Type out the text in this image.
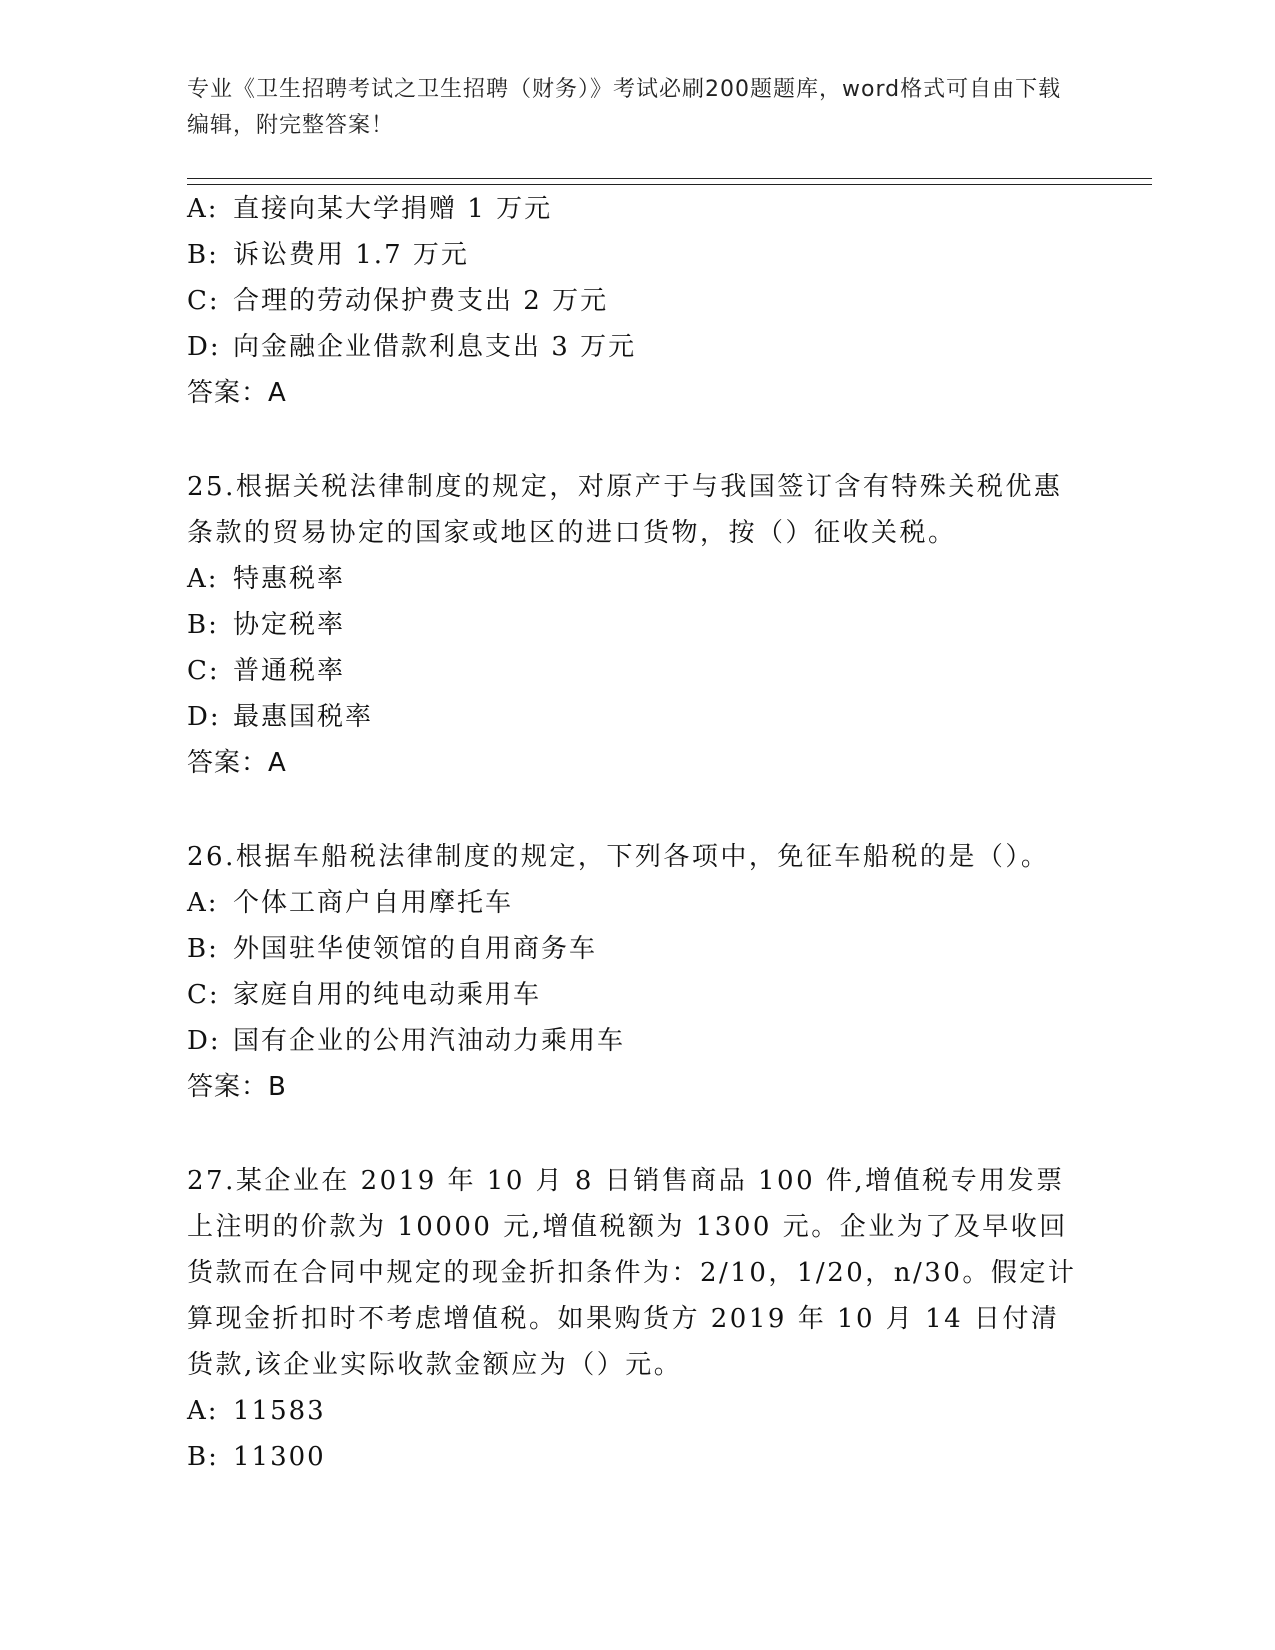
专业《卫生招聘考试之卫生招聘（财务）》考试必刷200题题库，word格式可自由下载编辑，附完整答案！
A: 直接向某大学捐赠 1 万元
B: 诉讼费用 1.7 万元
C: 合理的劳动保护费支出 2 万元
D: 向金融企业借款利息支出 3 万元
答案：A
25.根据关税法律制度的规定，对原产于与我国签订含有特殊关税优惠条款的贸易协定的国家或地区的进口货物，按（）征收关税。
A: 特惠税率
B: 协定税率
C: 普通税率
D: 最惠国税率
答案：A
26.根据车船税法律制度的规定，下列各项中，免征车船税的是（）。
A: 个体工商户自用摩托车
B: 外国驻华使领馆的自用商务车
C: 家庭自用的纯电动乘用车
D: 国有企业的公用汽油动力乘用车
答案：B
27.某企业在 2019 年 10 月 8 日销售商品 100 件,增值税专用发票上注明的价款为 10000 元,增值税额为 1300 元。企业为了及早收回货款而在合同中规定的现金折扣条件为：2/10，1/20，n/30。假定计算现金折扣时不考虑增值税。如果购货方 2019 年 10 月 14 日付清货款,该企业实际收款金额应为（）元。
A: 11583
B: 11300
